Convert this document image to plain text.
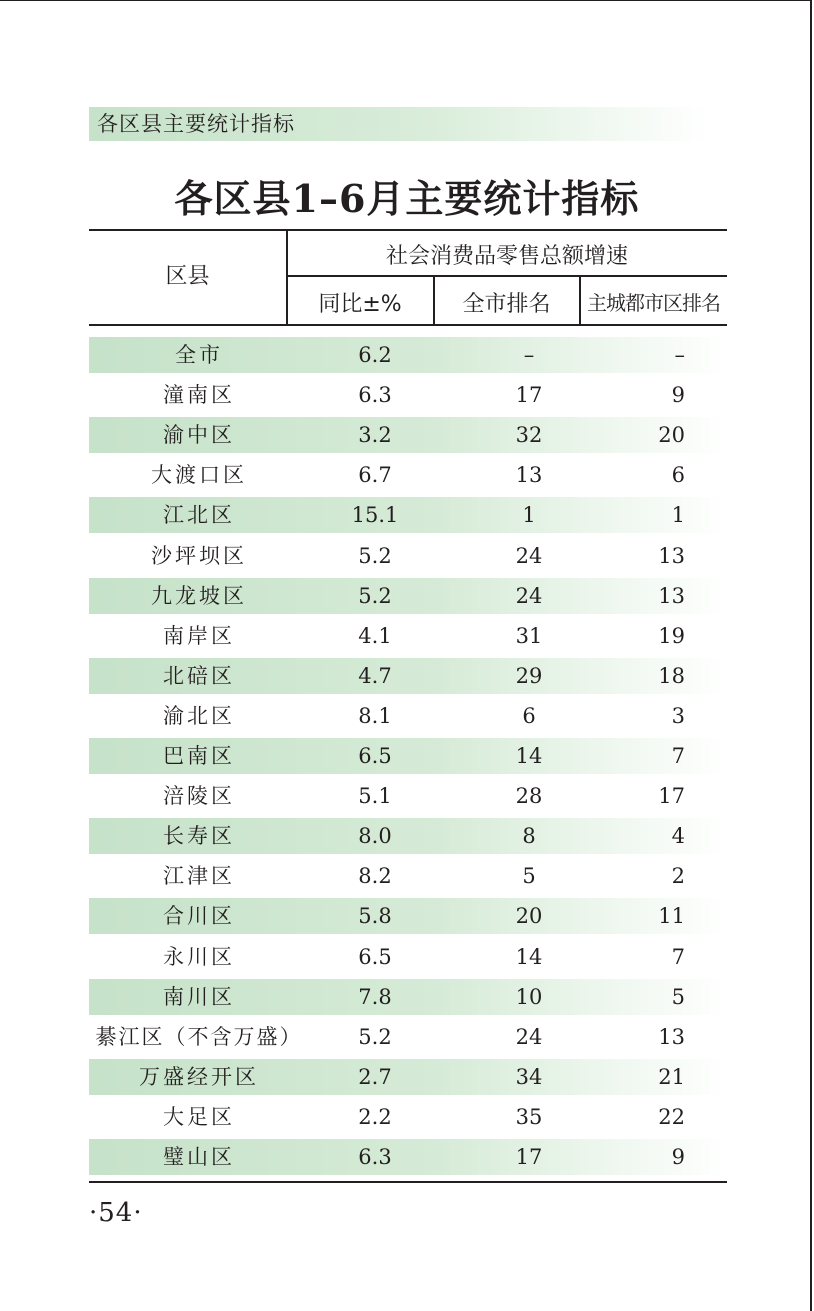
各区县主要统计指标
各区县1–6月主要统计指标
区县
社会消费品零售总额增速
同比±%	全市排名	主城都市区排名
全市	6.2	–	–
潼南区	6.3	17	9
渝中区	3.2	32	20
大渡口区	6.7	13	6
江北区	15.1	1	1
沙坪坝区	5.2	24	13
九龙坡区	5.2	24	13
南岸区	4.1	31	19
北碚区	4.7	29	18
渝北区	8.1	6	3
巴南区	6.5	14	7
涪陵区	5.1	28	17
长寿区	8.0	8	4
江津区	8.2	5	2
合川区	5.8	20	11
永川区	6.5	14	7
南川区	7.8	10	5
綦江区（不含万盛）	5.2	24	13
万盛经开区	2.7	34	21
大足区	2.2	35	22
璧山区	6.3	17	9
·54·
